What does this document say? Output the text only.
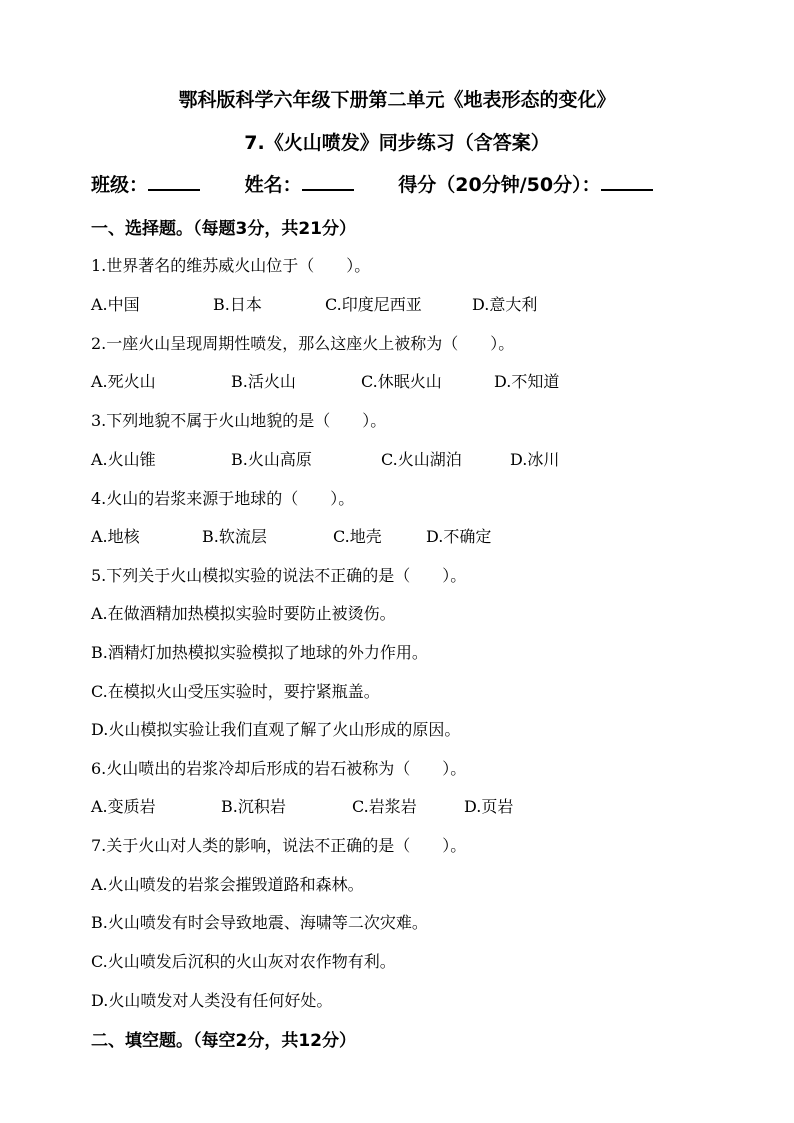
鄂科版科学六年级下册第二单元《地表形态的变化》
7.《火山喷发》同步练习（含答案）
班级：	姓名：	得分（20分钟/50分）：
一、选择题。（每题3分，共21分）
1.世界著名的维苏威火山位于（　　）。
A.中国	B.日本	C.印度尼西亚	D.意大利
2.一座火山呈现周期性喷发，那么这座火上被称为（　　）。
A.死火山	B.活火山	C.休眠火山	D.不知道
3.下列地貌不属于火山地貌的是（　　）。
A.火山锥	B.火山高原	C.火山湖泊	D.冰川
4.火山的岩浆来源于地球的（　　）。
A.地核	B.软流层	C.地壳	D.不确定
5.下列关于火山模拟实验的说法不正确的是（　　）。
A.在做酒精加热模拟实验时要防止被烫伤。
B.酒精灯加热模拟实验模拟了地球的外力作用。
C.在模拟火山受压实验时，要拧紧瓶盖。
D.火山模拟实验让我们直观了解了火山形成的原因。
6.火山喷出的岩浆冷却后形成的岩石被称为（　　）。
A.变质岩	B.沉积岩	C.岩浆岩	D.页岩
7.关于火山对人类的影响，说法不正确的是（　　）。
A.火山喷发的岩浆会摧毁道路和森林。
B.火山喷发有时会导致地震、海啸等二次灾难。
C.火山喷发后沉积的火山灰对农作物有利。
D.火山喷发对人类没有任何好处。
二、填空题。（每空2分，共12分）
